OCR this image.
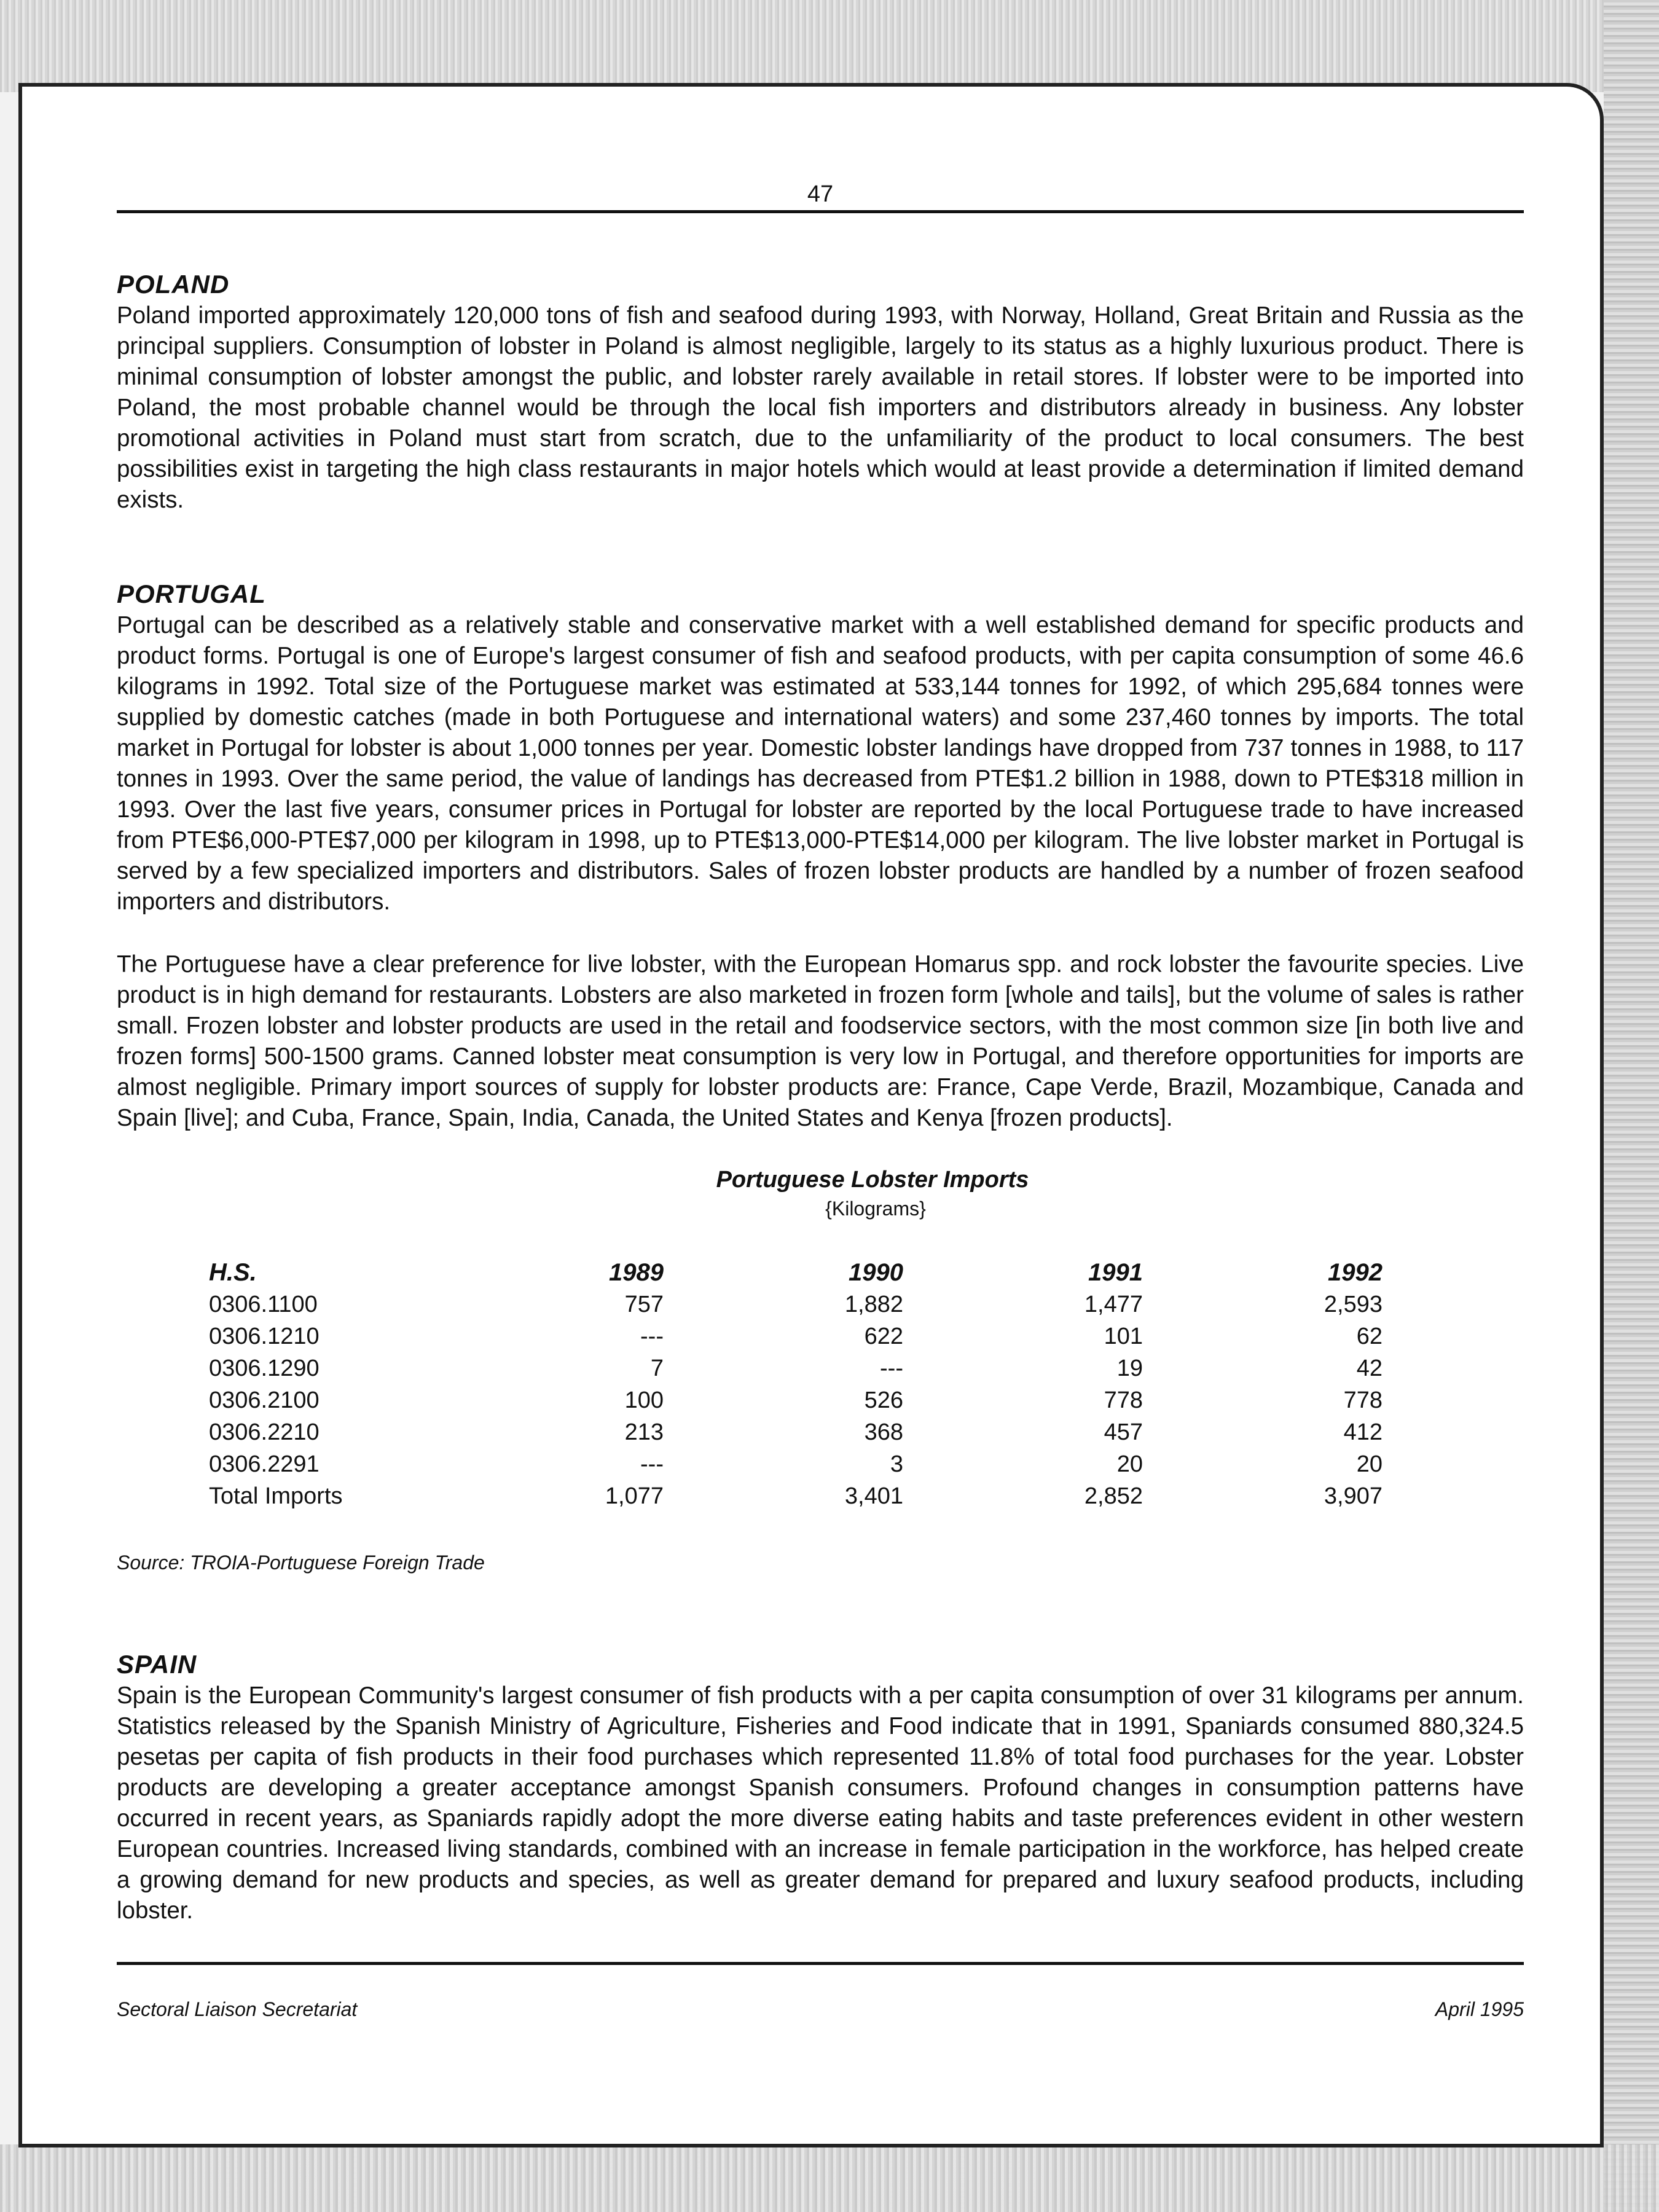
47
POLAND

Poland imported approximately 120,000 tons of fish and seafood during 1993, with Norway, Holland, Great Britain and Russia as the principal suppliers. Consumption of lobster in Poland is almost negligible, largely to its status as a highly luxurious product. There is minimal consumption of lobster amongst the public, and lobster rarely available in retail stores. If lobster were to be imported into Poland, the most probable channel would be through the local fish importers and distributors already in business. Any lobster promotional activities in Poland must start from scratch, due to the unfamiliarity of the product to local consumers. The best possibilities exist in targeting the high class restaurants in major hotels which would at least provide a determination if limited demand exists.

PORTUGAL

Portugal can be described as a relatively stable and conservative market with a well established demand for specific products and product forms. Portugal is one of Europe's largest consumer of fish and seafood products, with per capita consumption of some 46.6 kilograms in 1992. Total size of the Portuguese market was estimated at 533,144 tonnes for 1992, of which 295,684 tonnes were supplied by domestic catches (made in both Portuguese and international waters) and some 237,460 tonnes by imports. The total market in Portugal for lobster is about 1,000 tonnes per year. Domestic lobster landings have dropped from 737 tonnes in 1988, to 117 tonnes in 1993. Over the same period, the value of landings has decreased from PTE$1.2 billion in 1988, down to PTE$318 million in 1993. Over the last five years, consumer prices in Portugal for lobster are reported by the local Portuguese trade to have increased from PTE$6,000-PTE$7,000 per kilogram in 1998, up to PTE$13,000-PTE$14,000 per kilogram. The live lobster market in Portugal is served by a few specialized importers and distributors. Sales of frozen lobster products are handled by a number of frozen seafood importers and distributors.

The Portuguese have a clear preference for live lobster, with the European Homarus spp. and rock lobster the favourite species. Live product is in high demand for restaurants. Lobsters are also marketed in frozen form [whole and tails], but the volume of sales is rather small. Frozen lobster and lobster products are used in the retail and foodservice sectors, with the most common size [in both live and frozen forms] 500-1500 grams. Canned lobster meat consumption is very low in Portugal, and therefore opportunities for imports are almost negligible. Primary import sources of supply for lobster products are: France, Cape Verde, Brazil, Mozambique, Canada and Spain [live]; and Cuba, France, Spain, India, Canada, the United States and Kenya [frozen products].

Portuguese Lobster Imports
{Kilograms}
H.S.	1989	1990	1991	1992
0306.1100	757	1,882	1,477	2,593
0306.1210	---	622	101	62
0306.1290	7	---	19	42
0306.2100	100	526	778	778
0306.2210	213	368	457	412
0306.2291	---	3	20	20
Total Imports	1,077	3,401	2,852	3,907
Source: TROIA-Portuguese Foreign Trade
SPAIN

Spain is the European Community's largest consumer of fish products with a per capita consumption of over 31 kilograms per annum. Statistics released by the Spanish Ministry of Agriculture, Fisheries and Food indicate that in 1991, Spaniards consumed 880,324.5 pesetas per capita of fish products in their food purchases which represented 11.8% of total food purchases for the year. Lobster products are developing a greater acceptance amongst Spanish consumers. Profound changes in consumption patterns have occurred in recent years, as Spaniards rapidly adopt the more diverse eating habits and taste preferences evident in other western European countries. Increased living standards, combined with an increase in female participation in the workforce, has helped create a growing demand for new products and species, as well as greater demand for prepared and luxury seafood products, including lobster.

Sectoral Liaison Secretariat	April 1995
